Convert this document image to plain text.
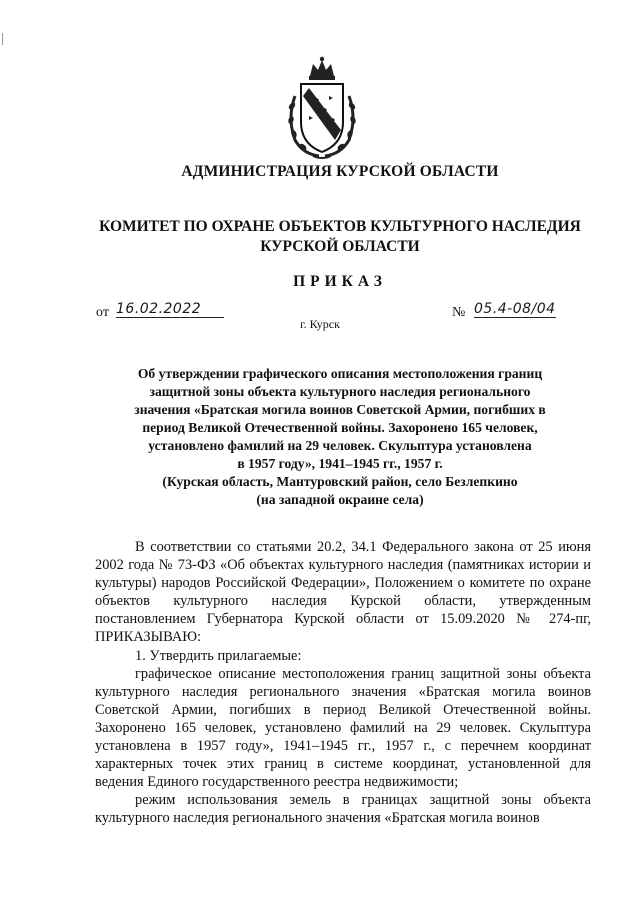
АДМИНИСТРАЦИЯ КУРСКОЙ ОБЛАСТИ
КОМИТЕТ ПО ОХРАНЕ ОБЪЕКТОВ КУЛЬТУРНОГО НАСЛЕДИЯ
КУРСКОЙ ОБЛАСТИ
ПРИКАЗ
от 16.02.2022	№ 05.4-08/04
г. Курск
Об утверждении графического описания местоположения границ
защитной зоны объекта культурного наследия регионального
значения «Братская могила воинов Советской Армии, погибших в
период Великой Отечественной войны. Захоронено 165 человек,
установлено фамилий на 29 человек. Скульптура установлена
в 1957 году», 1941–1945 гг., 1957 г.
(Курская область, Мантуровский район, село Безлепкино
(на западной окраине села)

В соответствии со статьями 20.2, 34.1 Федерального закона от 25 июня 2002 года № 73-ФЗ «Об объектах культурного наследия (памятниках истории и культуры) народов Российской Федерации», Положением о комитете по охране объектов культурного наследия Курской области, утвержденным постановлением Губернатора Курской области от 15.09.2020 № 274-пг, ПРИКАЗЫВАЮ:

1. Утвердить прилагаемые:

графическое описание местоположения границ защитной зоны объекта культурного наследия регионального значения «Братская могила воинов Советской Армии, погибших в период Великой Отечественной войны. Захоронено 165 человек, установлено фамилий на 29 человек. Скульптура установлена в 1957 году», 1941–1945 гг., 1957 г., с перечнем координат характерных точек этих границ в системе координат, установленной для ведения Единого государственного реестра недвижимости;

режим использования земель в границах защитной зоны объекта культурного наследия регионального значения «Братская могила воинов
